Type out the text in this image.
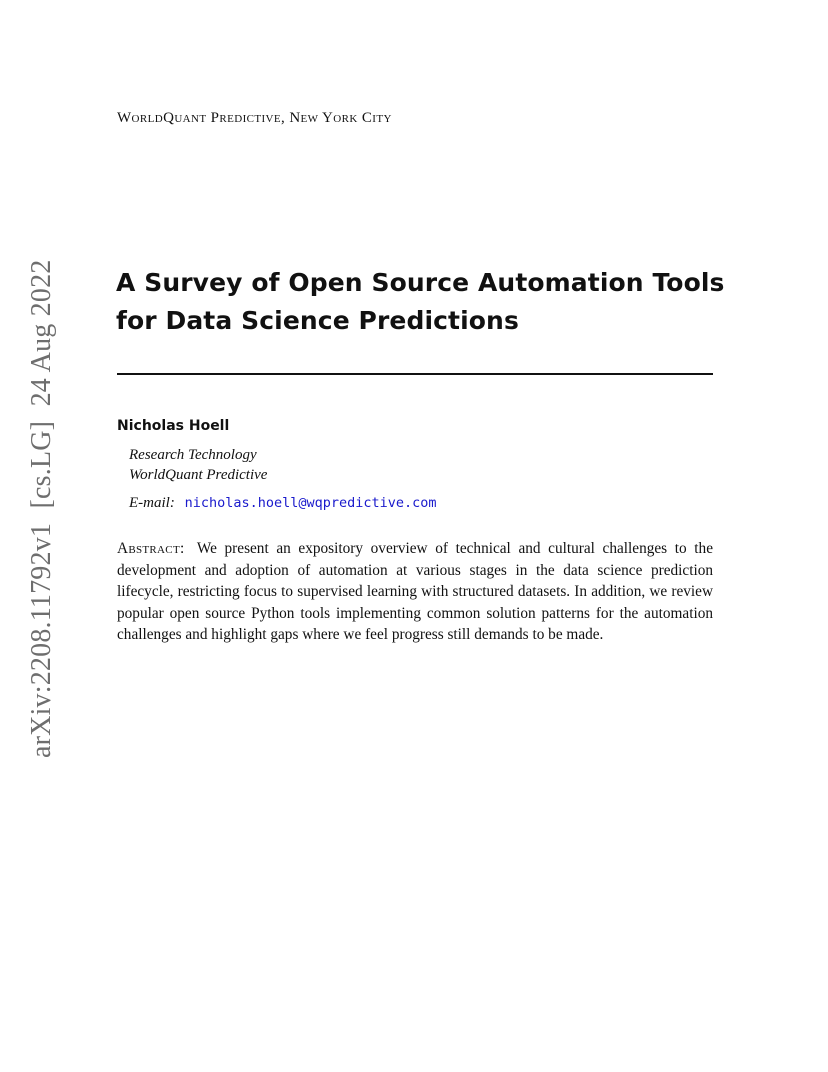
WorldQuant Predictive, New York City
arXiv:2208.11792v1  [cs.LG]  24 Aug 2022 A Survey of Open Source Automation Tools
for Data Science Predictions
Nicholas Hoell
Research Technology
WorldQuant Predictive
E-mail: nicholas.hoell@wqpredictive.com
Abstract: We present an expository overview of technical and cultural challenges to the development and adoption of automation at various stages in the data science prediction lifecycle, restricting focus to supervised learning with structured datasets. In addition, we review popular open source Python tools implementing common solution patterns for the automation challenges and highlight gaps where we feel progress still demands to be made.
